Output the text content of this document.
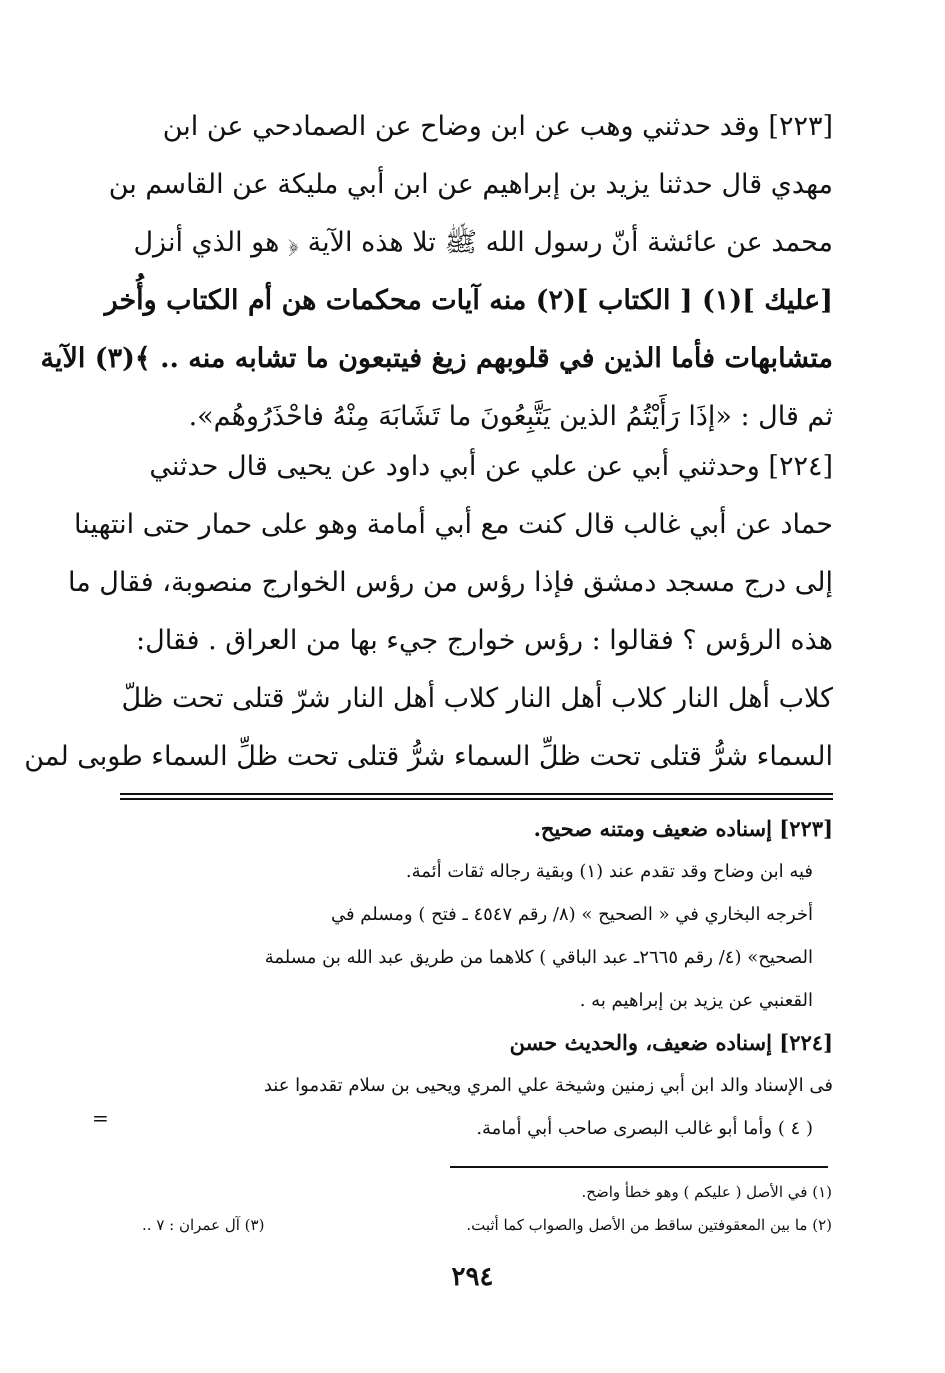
[٢٢٣] وقد حدثني وهب عن ابن وضاح عن الصمادحي عن ابن
مهدي قال حدثنا يزيد بن إبراهيم عن ابن أبي مليكة عن القاسم بن
محمد عن عائشة أنّ رسول الله ﷺ تلا هذه الآية ﴿ هو الذي أنزل
[عليك ](١) [ الكتاب ](٢) منه آيات محكمات هن أم الكتاب وأُخر
متشابهات فأما الذين في قلوبهم زيغ فيتبعون ما تشابه منه .. ﴾(٣) الآية
ثم قال : «إذَا رَأَيْتُمُ الذين يَتَّبِعُونَ ما تَشَابَهَ مِنْهُ فاحْذَرُوهُم».
[٢٢٤] وحدثني أبي عن علي عن أبي داود عن يحيى قال حدثني
حماد عن أبي غالب قال كنت مع أبي أمامة وهو على حمار حتى انتهينا
إلى درج مسجد دمشق فإذا رؤس من رؤس الخوارج منصوبة، فقال ما
هذه الرؤس ؟ فقالوا : رؤس خوارج جيء بها من العراق . فقال:
كلاب أهل النار كلاب أهل النار كلاب أهل النار شرّ قتلى تحت ظلّ
السماء شرُّ قتلى تحت ظلِّ السماء شرُّ قتلى تحت ظلِّ السماء طوبى لمن
[٢٢٣] إسناده ضعيف ومتنه صحيح.
فيه ابن وضاح وقد تقدم عند (١) وبقية رجاله ثقات أئمة.
أخرجه البخاري في « الصحيح » (٨/ رقم ٤٥٤٧ ـ فتح ) ومسلم في
الصحيح» (٤/ رقم ٢٦٦٥ـ عبد الباقي ) كلاهما من طريق عبد الله بن مسلمة
القعنبي عن يزيد بن إبراهيم به .
[٢٢٤] إسناده ضعيف، والحديث حسن
فى الإسناد والد ابن أبي زمنين وشيخة علي المري ويحيى بن سلام تقدموا عند
( ٤ ) وأما أبو غالب البصرى صاحب أبي أمامة.
=
(١) في الأصل ( عليكم ) وهو خطأ واضح.
(٢) ما بين المعقوفتين ساقط من الأصل والصواب كما أثبت.
(٣) آل عمران : ٧ ..
٢٩٤
